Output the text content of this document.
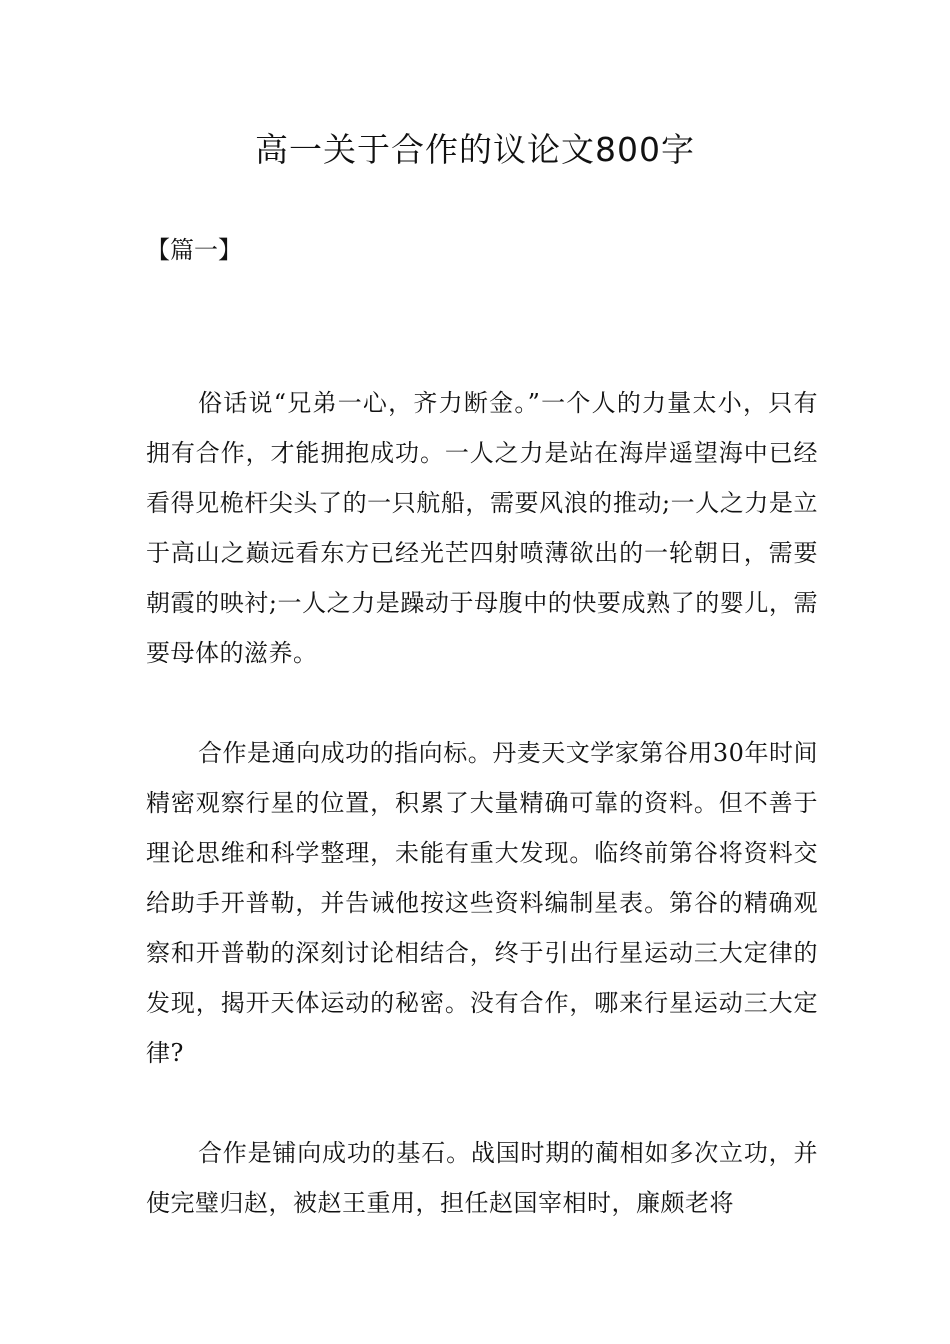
高一关于合作的议论文800字
【篇一】

俗话说“兄弟一心，齐力断金。”一个人的力量太小，只有拥有合作，才能拥抱成功。一人之力是站在海岸遥望海中已经看得见桅杆尖头了的一只航船，需要风浪的推动;一人之力是立于高山之巅远看东方已经光芒四射喷薄欲出的一轮朝日，需要朝霞的映衬;一人之力是躁动于母腹中的快要成熟了的婴儿，需要母体的滋养。

合作是通向成功的指向标。丹麦天文学家第谷用30年时间精密观察行星的位置，积累了大量精确可靠的资料。但不善于理论思维和科学整理，未能有重大发现。临终前第谷将资料交给助手开普勒，并告诫他按这些资料编制星表。第谷的精确观察和开普勒的深刻讨论相结合，终于引出行星运动三大定律的发现，揭开天体运动的秘密。没有合作，哪来行星运动三大定律?

合作是铺向成功的基石。战国时期的蔺相如多次立功，并使完璧归赵，被赵王重用，担任赵国宰相时，廉颇老将
